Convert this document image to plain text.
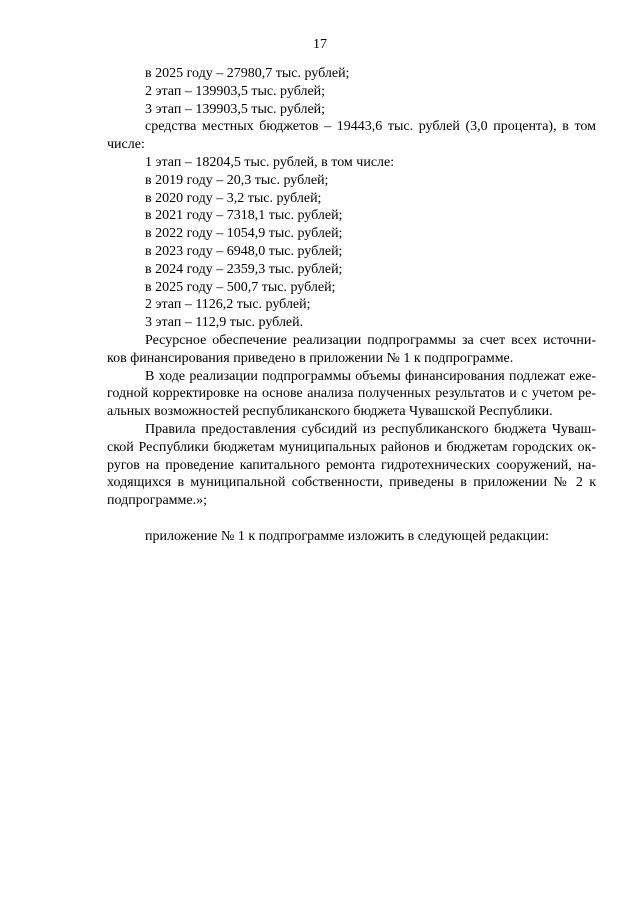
17
в 2025 году – 27980,7 тыс. рублей;
2 этап – 139903,5 тыс. рублей;
3 этап – 139903,5 тыс. рублей;
средства местных бюджетов – 19443,6 тыс. рублей (3,0 процента), в том
числе:
1 этап – 18204,5 тыс. рублей, в том числе:
в 2019 году – 20,3 тыс. рублей;
в 2020 году – 3,2 тыс. рублей;
в 2021 году – 7318,1 тыс. рублей;
в 2022 году – 1054,9 тыс. рублей;
в 2023 году – 6948,0 тыс. рублей;
в 2024 году – 2359,3 тыс. рублей;
в 2025 году – 500,7 тыс. рублей;
2 этап – 1126,2 тыс. рублей;
3 этап – 112,9 тыс. рублей.
Ресурсное обеспечение реализации подпрограммы за счет всех источни-
ков финансирования приведено в приложении № 1 к подпрограмме.
В ходе реализации подпрограммы объемы финансирования подлежат еже-
годной корректировке на основе анализа полученных результатов и с учетом ре-
альных возможностей республиканского бюджета Чувашской Республики.
Правила предоставления субсидий из республиканского бюджета Чуваш-
ской Республики бюджетам муниципальных районов и бюджетам городских ок-
ругов на проведение капитального ремонта гидротехнических сооружений, на-
ходящихся в муниципальной собственности, приведены в приложении № 2 к
подпрограмме.»;
приложение № 1 к подпрограмме изложить в следующей редакции:
